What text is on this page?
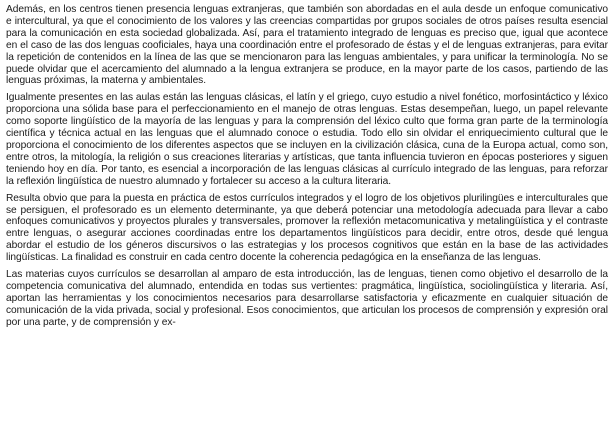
Además, en los centros tienen presencia lenguas extranjeras, que también son abordadas en el aula desde un enfoque comunicativo e intercultural, ya que el conocimiento de los valores y las creencias compartidas por grupos sociales de otros países resulta esencial para la comunicación en esta sociedad globalizada. Así, para el tratamiento integrado de lenguas es preciso que, igual que acontece en el caso de las dos lenguas cooficiales, haya una coordinación entre el profesorado de éstas y el de lenguas extranjeras, para evitar la repetición de contenidos en la línea de las que se mencionaron para las lenguas ambientales, y para unificar la terminología. No se puede olvidar que el acercamiento del alumnado a la lengua extranjera se produce, en la mayor parte de los casos, partiendo de las lenguas próximas, la materna y ambientales.

Igualmente presentes en las aulas están las lenguas clásicas, el latín y el griego, cuyo estudio a nivel fonético, morfosintáctico y léxico proporciona una sólida base para el perfeccionamiento en el manejo de otras lenguas. Estas desempeñan, luego, un papel relevante como soporte lingüístico de la mayoría de las lenguas y para la comprensión del léxico culto que forma gran parte de la terminología científica y técnica actual en las lenguas que el alumnado conoce o estudia. Todo ello sin olvidar el enriquecimiento cultural que le proporciona el conocimiento de los diferentes aspectos que se incluyen en la civilización clásica, cuna de la Europa actual, como son, entre otros, la mitología, la religión o sus creaciones literarias y artísticas, que tanta influencia tuvieron en épocas posteriores y siguen teniendo hoy en día. Por tanto, es esencial a incorporación de las lenguas clásicas al currículo integrado de las lenguas, para reforzar la reflexión lingüística de nuestro alumnado y fortalecer su acceso a la cultura literaria.

Resulta obvio que para la puesta en práctica de estos currículos integrados y el logro de los objetivos plurilingües e interculturales que se persiguen, el profesorado es un elemento determinante, ya que deberá potenciar una metodología adecuada para llevar a cabo enfoques comunicativos y proyectos plurales y transversales, promover la reflexión metacomunicativa y metalingüística y el contraste entre lenguas, o asegurar acciones coordinadas entre los departamentos lingüísticos para decidir, entre otros, desde qué lengua abordar el estudio de los géneros discursivos o las estrategias y los procesos cognitivos que están en la base de las actividades lingüísticas. La finalidad es construir en cada centro docente la coherencia pedagógica en la enseñanza de las lenguas.

Las materias cuyos currículos se desarrollan al amparo de esta introducción, las de lenguas, tienen como objetivo el desarrollo de la competencia comunicativa del alumnado, entendida en todas sus vertientes: pragmática, lingüística, sociolingüística y literaria. Así, aportan las herramientas y los conocimientos necesarios para desarrollarse satisfactoria y eficazmente en cualquier situación de comunicación de la vida privada, social y profesional. Esos conocimientos, que articulan los procesos de comprensión y expresión oral por una parte, y de comprensión y ex-
